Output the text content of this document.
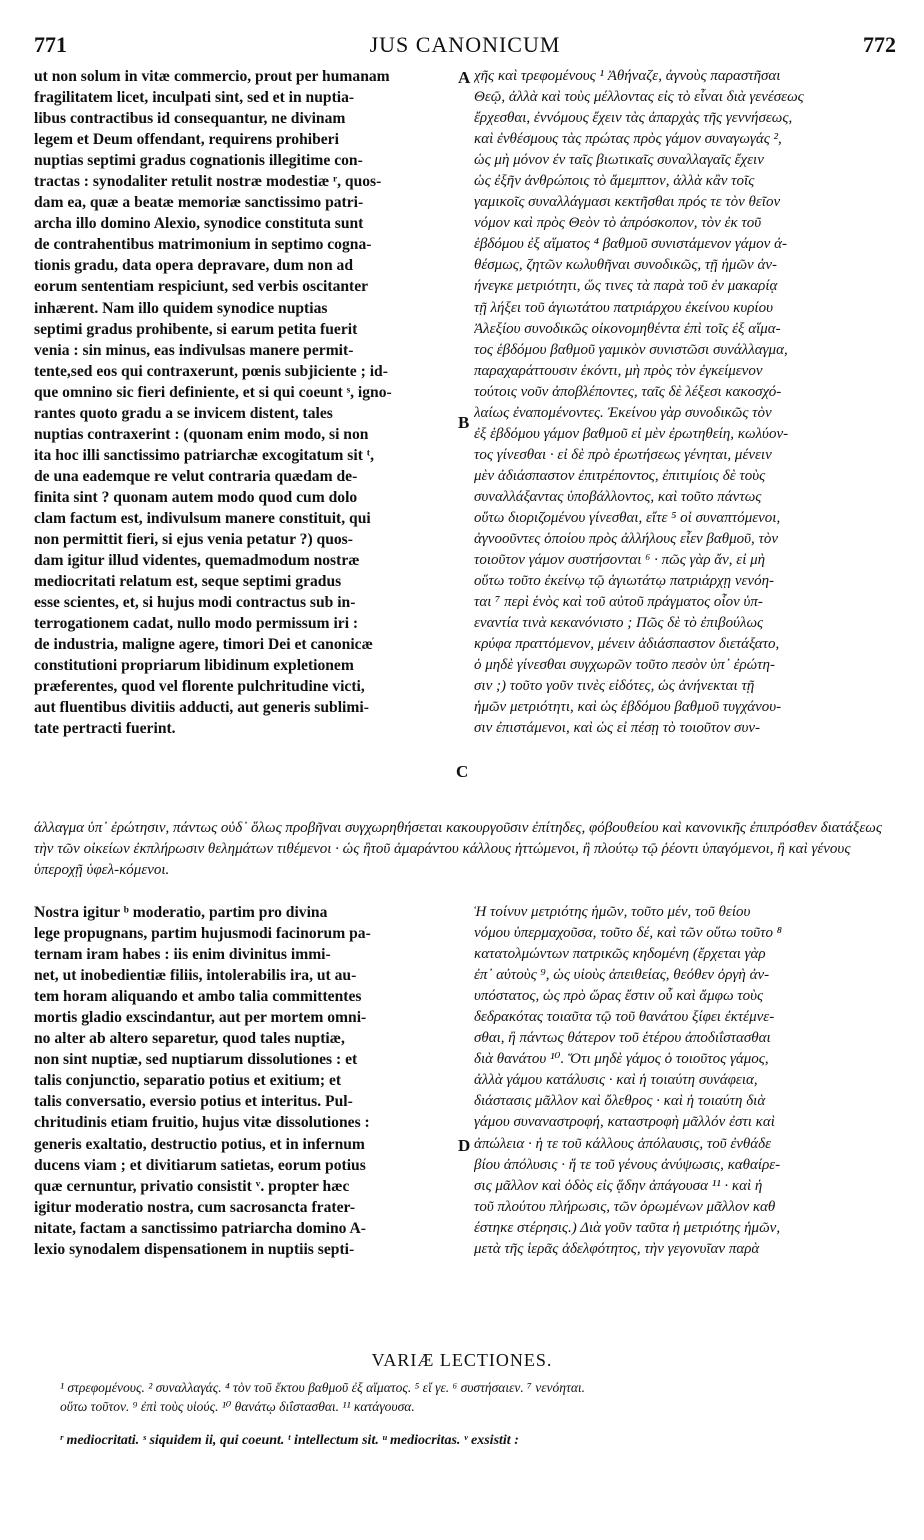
771	JUS CANONICUM	772
ut non solum in vitæ commercio, prout per humanam
fragilitatem licet, inculpati sint, sed et in nuptia-
libus contractibus id consequantur, ne divinam
legem et Deum offendant, requirens prohiberi
nuptias septimi gradus cognationis illegitime con-
tractas : synodaliter retulit nostræ modestiæ ʳ, quos-
dam ea, quæ a beatæ memoriæ sanctissimo patri-
archa illo domino Alexio, synodice constituta sunt
de contrahentibus matrimonium in septimo cogna-
tionis gradu, data opera depravare, dum non ad
eorum sententiam respiciunt, sed verbis oscitanter
inhærent. Nam illo quidem synodice nuptias
septimi gradus prohibente, si earum petita fuerit
venia : sin minus, eas indivulsas manere permit-
tente,sed eos qui contraxerunt, pœnis subjiciente ; id-
que omnino sic fieri definiente, et si qui coeunt ˢ, igno-
rantes quoto gradu a se invicem distent, tales
nuptias contraxerint : (quonam enim modo, si non
ita hoc illi sanctissimo patriarchæ excogitatum sit ᵗ,
de una eademque re velut contraria quædam de-
finita sint ? quonam autem modo quod cum dolo
clam factum est, indivulsum manere constituit, qui
non permittit fieri, si ejus venia petatur ?) quos-
dam igitur illud videntes, quemadmodum nostræ
mediocritati relatum est, seque septimi gradus
esse scientes, et, si hujus modi contractus sub in-
terrogationem cadat, nullo modo permissum iri :
de industria, maligne agere, timori Dei et canonicæ
constitutioni propriarum libidinum expletionem
præferentes, quod vel florente pulchritudine victi,
aut fluentibus divitiis adducti, aut generis sublimi-
tate pertracti fuerint.
χῆς καὶ τρεφομένους ¹ Ἀθήναζε, ἀγνοὺς παραστῆσαι
Θεῷ, ἀλλὰ καὶ τοὺς μέλλοντας εἰς τὸ εἶναι διὰ γενέσεως
ἔρχεσθαι, ἐννόμους ἔχειν τὰς ἀπαρχὰς τῆς γεννήσεως,
καὶ ἐνθέσμους τὰς πρώτας πρὸς γάμον συναγωγάς ²,
ὡς μὴ μόνον ἐν ταῖς βιωτικαῖς συναλλαγαῖς ἔχειν
ὡς ἐξῆν ἀνθρώποις τὸ ἄμεμπτον, ἀλλὰ κἂν τοῖς
γαμικοῖς συναλλάγμασι κεκτῆσθαι πρός τε τὸν θεῖον
νόμον καὶ πρὸς Θεὸν τὸ ἀπρόσκοπον, τὸν ἐκ τοῦ
ἑβδόμου ἐξ αἵματος ⁴ βαθμοῦ συνιστάμενον γάμον ἀ-
θέσμως, ζητῶν κωλυθῆναι συνοδικῶς, τῇ ἡμῶν ἀν-
ήνεγκε μετριότητι, ὥς τινες τὰ παρὰ τοῦ ἐν μακαρίᾳ
τῇ λήξει τοῦ ἁγιωτάτου πατριάρχου ἐκείνου κυρίου
Ἀλεξίου συνοδικῶς οἰκονομηθέντα ἐπὶ τοῖς ἐξ αἵμα-
τος ἑβδόμου βαθμοῦ γαμικὸν συνιστῶσι συνάλλαγμα,
παραχαράττουσιν ἑκόντι, μὴ πρὸς τὸν ἐγκείμενον
τούτοις νοῦν ἀποβλέποντες, ταῖς δὲ λέξεσι κακοσχό-
λαίως ἐναπομένοντες. Ἐκείνου γὰρ συνοδικῶς τὸν
ἐξ ἑβδόμου γάμον βαθμοῦ εἰ μὲν ἐρωτηθείη, κωλύον-
τος γίνεσθαι · εἰ δὲ πρὸ ἐρωτήσεως γένηται, μένειν
μὲν ἀδιάσπαστον ἐπιτρέποντος, ἐπιτιμίοις δὲ τοὺς
συναλλάξαντας ὑποβάλλοντος, καὶ τοῦτο πάντως
οὕτω διοριζομένου γίνεσθαι, εἴτε ⁵ οἱ συναπτόμενοι,
ἀγνοοῦντες ὁποίου πρὸς ἀλλήλους εἶεν βαθμοῦ, τὸν
τοιοῦτον γάμον συστήσονται ⁶ · πῶς γὰρ ἄν, εἰ μὴ
οὕτω τοῦτο ἐκείνῳ τῷ ἁγιωτάτῳ πατριάρχῃ νενόη-
ται ⁷ περὶ ἑνὸς καὶ τοῦ αὐτοῦ πράγματος οἷον ὑπ-
εναντία τινὰ κεκανόνιστο ; Πῶς δὲ τὸ ἐπιβούλως
κρύφα πραττόμενον, μένειν ἀδιάσπαστον διετάξατο,
ὁ μηδὲ γίνεσθαι συγχωρῶν τοῦτο πεσὸν ὑπ᾽ ἐρώτη-
σιν ;) τοῦτο γοῦν τινὲς εἰδότες, ὡς ἀνήνεκται τῇ
ἡμῶν μετριότητι, καὶ ὡς ἑβδόμου βαθμοῦ τυγχάνου-
σιν ἐπιστάμενοι, καὶ ὡς εἰ πέσῃ τὸ τοιοῦτον συν-
A
B
C
D
άλλαγμα ὑπ᾽ ἐρώτησιν, πάντως οὐδ᾽ ὅλως προβῆναι συγχωρηθήσεται κακουργοῦσιν ἐπίτηδες, φόβουθείου καὶ κανονικῆς ἐπιπρόσθεν διατάξεως τὴν τῶν οἰκείων ἐκπλήρωσιν θελημάτων τιθέμενοι · ὡς ἢτοῦ ἀμαράντου κάλλους ἡττώμενοι, ἢ πλούτῳ τῷ ῥέοντι ὑπαγόμενοι, ἢ καὶ γένους ὑπεροχῇ ὑφελ-κόμενοι.
Nostra igitur ᵇ moderatio, partim pro divina
lege propugnans, partim hujusmodi facinorum pa-
ternam iram habes : iis enim divinitus immi-
net, ut inobedientiæ filiis, intolerabilis ira, ut au-
tem horam aliquando et ambo talia committentes
mortis gladio exscindantur, aut per mortem omni-
no alter ab altero separetur, quod tales nuptiæ,
non sint nuptiæ, sed nuptiarum dissolutiones : et
talis conjunctio, separatio potius et exitium; et
talis conversatio, eversio potius et interitus. Pul-
chritudinis etiam fruitio, hujus vitæ dissolutiones :
generis exaltatio, destructio potius, et in infernum
ducens viam ; et divitiarum satietas, eorum potius
quæ cernuntur, privatio consistit ᵛ. propter hæc
igitur moderatio nostra, cum sacrosancta frater-
nitate, factam a sanctissimo patriarcha domino A-
lexio synodalem dispensationem in nuptiis septi-
Ἡ τοίνυν μετριότης ἡμῶν, τοῦτο μέν, τοῦ θείου
νόμου ὑπερμαχοῦσα, τοῦτο δέ, καὶ τῶν οὕτω τοῦτο ⁸
κατατολμώντων πατρικῶς κηδομένη (ἔρχεται γὰρ
ἐπ᾽ αὐτοὺς ⁹, ὡς υἱοὺς ἀπειθείας, θεόθεν ὀργὴ ἀν-
υπόστατος, ὡς πρὸ ὥρας ἔστιν οὗ καὶ ἄμφω τοὺς
δεδρακότας τοιαῦτα τῷ τοῦ θανάτου ξίφει ἐκτέμνε-
σθαι, ἢ πάντως θάτερον τοῦ ἑτέρου ἀποδιΐστασθαι
διὰ θανάτου ¹⁰. Ὅτι μηδὲ γάμος ὁ τοιοῦτος γάμος,
ἀλλὰ γάμου κατάλυσις · καὶ ἡ τοιαύτη συνάφεια,
διάστασις μᾶλλον καὶ ὄλεθρος · καὶ ἡ τοιαύτη διὰ
γάμου συναναστροφή, καταστροφὴ μᾶλλόν ἐστι καὶ
ἀπώλεια · ἡ τε τοῦ κάλλους ἀπόλαυσις, τοῦ ἐνθάδε
βίου ἀπόλυσις · ἥ τε τοῦ γένους ἀνύψωσις, καθαίρε-
σις μᾶλλον καὶ ὁδὸς εἰς ᾅδην ἀπάγουσα ¹¹ · καὶ ἡ
τοῦ πλούτου πλήρωσις, τῶν ὁρωμένων μᾶλλον καθ
έστηκε στέρησις.) Διὰ γοῦν ταῦτα ἡ μετριότης ἡμῶν,
μετὰ τῆς ἱερᾶς ἀδελφότητος, τὴν γεγονυῖαν παρὰ
VARIÆ LECTIONES.
¹ στρεφομένους. ² συναλλαγάς. ⁴ τὸν τοῦ ἕκτου βαθμοῦ ἐξ αἵματος. ⁵ εἴ γε. ⁶ συστήσαιεν. ⁷ νενόηται.
οὕτω τοῦτον. ⁹ ἐπὶ τοὺς υἱούς. ¹⁰ θανάτῳ διΐστασθαι. ¹¹ κατάγουσα.
ʳ mediocritati. ˢ siquidem ii, qui coeunt. ᵗ intellectum sit. ᵘ mediocritas. ᵛ exsistit :
